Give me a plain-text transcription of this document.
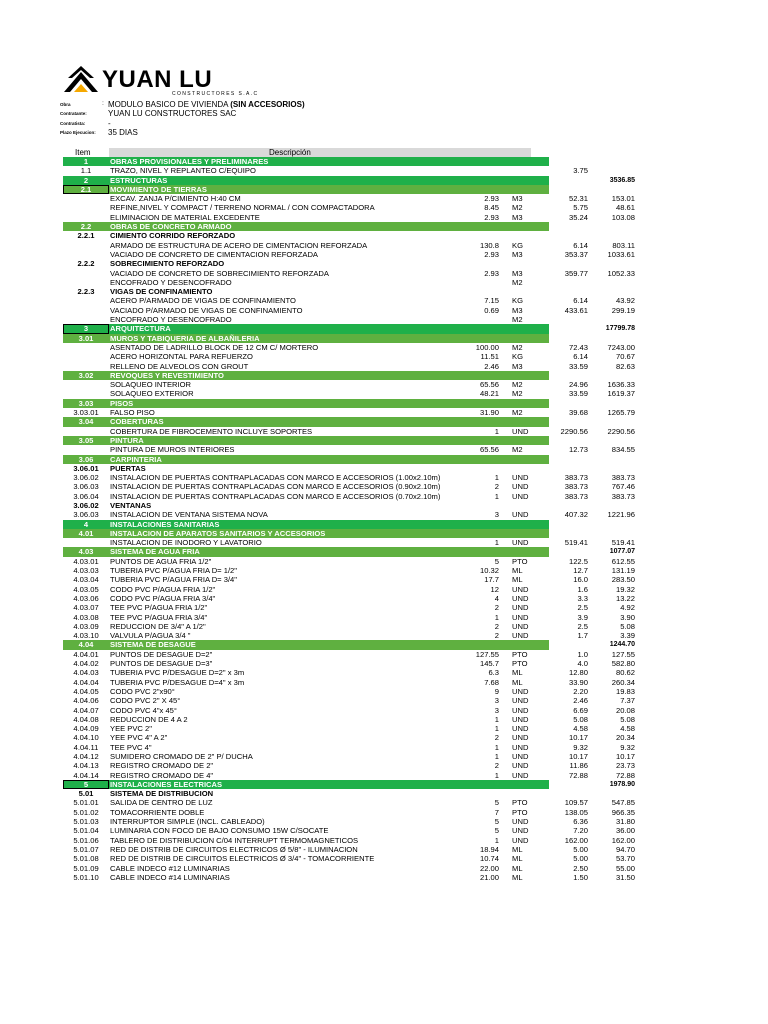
YUAN LU
CONSTRUCTORES S.A.C
Obra	: MODULO BASICO DE VIVIENDA (SIN ACCESORIOS)
Contratante:	YUAN LU CONSTRUCTORES SAC
Contratista:	-
Plazo Ejecucion: 35 DIAS
Item	Descripción
1	OBRAS PROVISIONALES Y PRELIMINARES
1.1	TRAZO, NIVEL Y REPLANTEO C/EQUIPO	3.75
2	ESTRUCTURAS	3536.85
2.1	MOVIMIENTO DE TIERRAS
EXCAV. ZANJA P/CIMIENTO H:40 CM	2.93 M3	52.31	153.01
REFINE,NIVEL Y COMPACT / TERRENO NORMAL / CON COMPACTADORA	8.45 M2	5.75	48.61
ELIMINACION DE MATERIAL EXCEDENTE	2.93 M3	35.24	103.08
2.2	OBRAS DE CONCRETO ARMADO
2.2.1	CIMIENTO CORRIDO REFORZADO
ARMADO DE ESTRUCTURA DE ACERO DE CIMENTACION REFORZADA	130.8 KG	6.14	803.11
VACIADO DE CONCRETO DE CIMENTACION REFORZADA	2.93 M3	353.37	1033.61
2.2.2	SOBRECIMIENTO REFORZADO
VACIADO DE CONCRETO DE SOBRECIMIENTO REFORZADA	2.93 M3	359.77	1052.33
ENCOFRADO Y DESENCOFRADO	M2
2.2.3	VIGAS DE CONFINAMIENTO
ACERO P/ARMADO DE VIGAS DE CONFINAMIENTO	7.15 KG	6.14	43.92
VACIADO P/ARMADO DE VIGAS DE CONFINAMIENTO	0.69 M3	433.61	299.19
ENCOFRADO Y DESENCOFRADO	M2
3	ARQUITECTURA	17799.78
3.01	MUROS Y TABIQUERIA DE ALBAÑILERIA
ASENTADO DE LADRILLO BLOCK DE 12 CM C/ MORTERO	100.00 M2	72.43	7243.00
ACERO HORIZONTAL PARA REFUERZO	11.51 KG	6.14	70.67
RELLENO DE ALVEOLOS CON GROUT	2.46 M3	33.59	82.63
3.02	REVOQUES Y REVESTIMIENTO
SOLAQUEO INTERIOR	65.56 M2	24.96	1636.33
SOLAQUEO EXTERIOR	48.21 M2	33.59	1619.37
3.03	PISOS
3.03.01	FALSO PISO	31.90 M2	39.68	1265.79
3.04	COBERTURAS
COBERTURA DE FIBROCEMENTO INCLUYE SOPORTES	1 UND	2290.56	2290.56
3.05	PINTURA
PINTURA DE MUROS INTERIORES	65.56 M2	12.73	834.55
3.06	CARPINTERIA
3.06.01	PUERTAS
3.06.02	INSTALACION DE PUERTAS CONTRAPLACADAS CON MARCO E ACCESORIOS (1.00x2.10m)	1 UND	383.73	383.73
3.06.03	INSTALACION DE PUERTAS CONTRAPLACADAS CON MARCO E ACCESORIOS (0.90x2.10m)	2 UND	383.73	767.46
3.06.04	INSTALACION DE PUERTAS CONTRAPLACADAS CON MARCO E ACCESORIOS (0.70x2.10m)	1 UND	383.73	383.73
3.06.02	VENTANAS
3.06.03	INSTALACION DE VENTANA SISTEMA NOVA	3 UND	407.32	1221.96
4	INSTALACIONES SANITARIAS
4.01	INSTALACION DE APARATOS SANITARIOS Y ACCESORIOS
INSTALACION DE INODORO Y LAVATORIO	1 UND	519.41	519.41
4.03	SISTEMA DE AGUA FRIA	1077.07
4.03.01	PUNTOS DE AGUA FRIA 1/2"	5 PTO	122.5	612.55
4.03.03	TUBERIA PVC P/AGUA FRIA D= 1/2"	10.32 ML	12.7	131.19
4.03.04	TUBERIA PVC P/AGUA FRIA D= 3/4"	17.7 ML	16.0	283.50
4.03.05	CODO PVC P/AGUA FRIA 1/2"	12 UND	1.6	19.32
4.03.06	CODO PVC P/AGUA FRIA 3/4"	4 UND	3.3	13.22
4.03.07	TEE PVC P/AGUA FRIA 1/2"	2 UND	2.5	4.92
4.03.08	TEE PVC P/AGUA FRIA 3/4"	1 UND	3.9	3.90
4.03.09	REDUCCION DE 3/4" A 1/2"	2 UND	2.5	5.08
4.03.10	VALVULA P/AGUA 3/4 "	2 UND	1.7	3.39
4.04	SISTEMA DE DESAGUE	1244.70
4.04.01	PUNTOS DE DESAGUE D=2"	127.55 PTO	1.0	127.55
4.04.02	PUNTOS DE DESAGUE D=3"	145.7 PTO	4.0	582.80
4.04.03	TUBERIA PVC P/DESAGUE D=2" x 3m	6.3 ML	12.80	80.62
4.04.04	TUBERIA PVC P/DESAGUE D=4" x 3m	7.68 ML	33.90	260.34
4.04.05	CODO PVC 2"x90°	9 UND	2.20	19.83
4.04.06	CODO PVC 2" X 45°	3 UND	2.46	7.37
4.04.07	CODO PVC 4"x 45°	3 UND	6.69	20.08
4.04.08	REDUCCION DE 4 A 2	1 UND	5.08	5.08
4.04.09	YEE PVC 2"	1 UND	4.58	4.58
4.04.10	YEE PVC 4" A 2"	2 UND	10.17	20.34
4.04.11	TEE PVC 4"	1 UND	9.32	9.32
4.04.12	SUMIDERO CROMADO DE 2" P/ DUCHA	1 UND	10.17	10.17
4.04.13	REGISTRO CROMADO DE 2"	2 UND	11.86	23.73
4.04.14	REGISTRO CROMADO DE 4"	1 UND	72.88	72.88
5	INSTALACIONES ELECTRICAS	1978.90
5.01	SISTEMA DE DISTRIBUCION
5.01.01	SALIDA DE CENTRO DE LUZ	5 PTO	109.57	547.85
5.01.02	TOMACORRIENTE DOBLE	7 PTO	138.05	966.35
5.01.03	INTERRUPTOR SIMPLE (INCL. CABLEADO)	5 UND	6.36	31.80
5.01.04	LUMINARIA CON FOCO DE BAJO CONSUMO 15W C/SOCATE	5 UND	7.20	36.00
5.01.06	TABLERO DE DISTRIBUCION C/04 INTERRUPT TERMOMAGNETICOS	1 UND	162.00	162.00
5.01.07	RED DE DISTRIB DE CIRCUITOS ELECTRICOS Ø 5/8" - ILUMINACION	18.94 ML	5.00	94.70
5.01.08	RED DE DISTRIB DE CIRCUITOS ELECTRICOS Ø 3/4" - TOMACORRIENTE	10.74 ML	5.00	53.70
5.01.09	CABLE INDECO #12 LUMINARIAS	22.00 ML	2.50	55.00
5.01.10	CABLE INDECO #14 LUMINARIAS	21.00 ML	1.50	31.50
